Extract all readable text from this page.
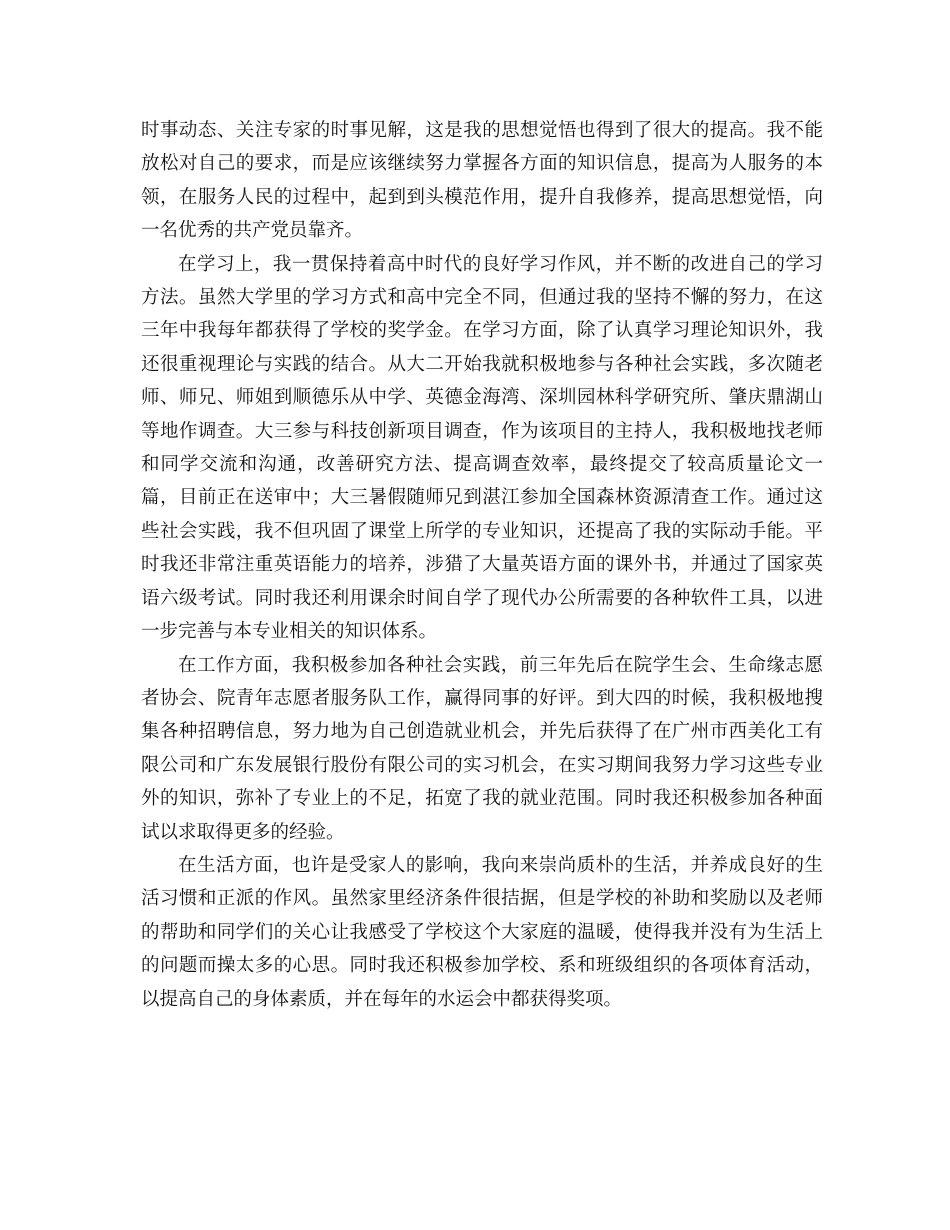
时事动态、关注专家的时事见解，这是我的思想觉悟也得到了很大的提高。我不能放松对自己的要求，而是应该继续努力掌握各方面的知识信息，提高为人服务的本领，在服务人民的过程中，起到到头模范作用，提升自我修养，提高思想觉悟，向一名优秀的共产党员靠齐。

在学习上，我一贯保持着高中时代的良好学习作风，并不断的改进自己的学习方法。虽然大学里的学习方式和高中完全不同，但通过我的坚持不懈的努力，在这三年中我每年都获得了学校的奖学金。在学习方面，除了认真学习理论知识外，我还很重视理论与实践的结合。从大二开始我就积极地参与各种社会实践，多次随老师、师兄、师姐到顺德乐从中学、英德金海湾、深圳园林科学研究所、肇庆鼎湖山等地作调查。大三参与科技创新项目调查，作为该项目的主持人，我积极地找老师和同学交流和沟通，改善研究方法、提高调查效率，最终提交了较高质量论文一篇，目前正在送审中；大三暑假随师兄到湛江参加全国森林资源清查工作。通过这些社会实践，我不但巩固了课堂上所学的专业知识，还提高了我的实际动手能。平时我还非常注重英语能力的培养，涉猎了大量英语方面的课外书，并通过了国家英语六级考试。同时我还利用课余时间自学了现代办公所需要的各种软件工具，以进一步完善与本专业相关的知识体系。

在工作方面，我积极参加各种社会实践，前三年先后在院学生会、生命缘志愿者协会、院青年志愿者服务队工作，赢得同事的好评。到大四的时候，我积极地搜集各种招聘信息，努力地为自己创造就业机会，并先后获得了在广州市西美化工有限公司和广东发展银行股份有限公司的实习机会，在实习期间我努力学习这些专业外的知识，弥补了专业上的不足，拓宽了我的就业范围。同时我还积极参加各种面试以求取得更多的经验。

在生活方面，也许是受家人的影响，我向来崇尚质朴的生活，并养成良好的生活习惯和正派的作风。虽然家里经济条件很拮据，但是学校的补助和奖励以及老师的帮助和同学们的关心让我感受了学校这个大家庭的温暖，使得我并没有为生活上的问题而操太多的心思。同时我还积极参加学校、系和班级组织的各项体育活动，以提高自己的身体素质，并在每年的水运会中都获得奖项。
